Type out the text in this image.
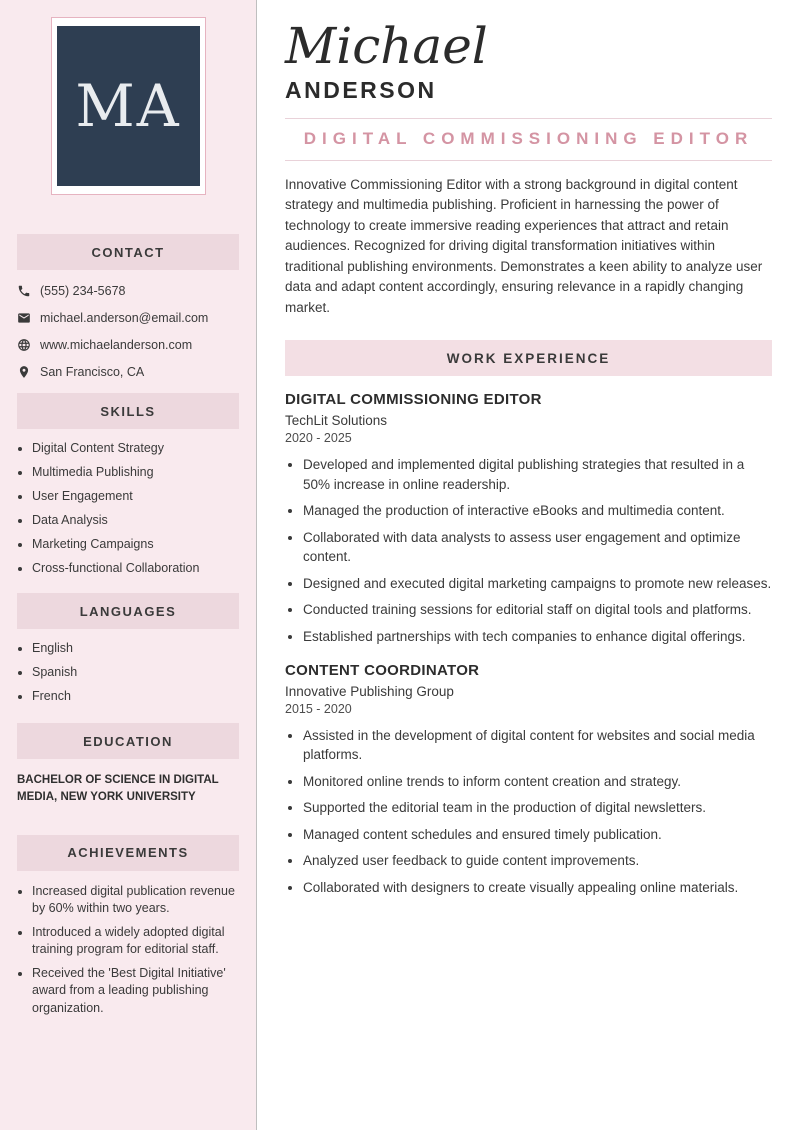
MA
CONTACT
(555) 234-5678
michael.anderson@email.com
www.michaelanderson.com
San Francisco, CA
SKILLS
• Digital Content Strategy
• Multimedia Publishing
• User Engagement
• Data Analysis
• Marketing Campaigns
• Cross-functional Collaboration
LANGUAGES
• English
• Spanish
• French
EDUCATION
BACHELOR OF SCIENCE IN DIGITAL MEDIA, NEW YORK UNIVERSITY
ACHIEVEMENTS
• Increased digital publication revenue by 60% within two years.
• Introduced a widely adopted digital training program for editorial staff.
• Received the 'Best Digital Initiative' award from a leading publishing organization.
Michael
ANDERSON
DIGITAL COMMISSIONING EDITOR

Innovative Commissioning Editor with a strong background in digital content strategy and multimedia publishing. Proficient in harnessing the power of technology to create immersive reading experiences that attract and retain audiences. Recognized for driving digital transformation initiatives within traditional publishing environments. Demonstrates a keen ability to analyze user data and adapt content accordingly, ensuring relevance in a rapidly changing market.

WORK EXPERIENCE
DIGITAL COMMISSIONING EDITOR
TechLit Solutions
2020 - 2025
• Developed and implemented digital publishing strategies that resulted in a 50% increase in online readership.
• Managed the production of interactive eBooks and multimedia content.
• Collaborated with data analysts to assess user engagement and optimize content.
• Designed and executed digital marketing campaigns to promote new releases.
• Conducted training sessions for editorial staff on digital tools and platforms.
• Established partnerships with tech companies to enhance digital offerings.
CONTENT COORDINATOR
Innovative Publishing Group
2015 - 2020
• Assisted in the development of digital content for websites and social media platforms.
• Monitored online trends to inform content creation and strategy.
• Supported the editorial team in the production of digital newsletters.
• Managed content schedules and ensured timely publication.
• Analyzed user feedback to guide content improvements.
• Collaborated with designers to create visually appealing online materials.
